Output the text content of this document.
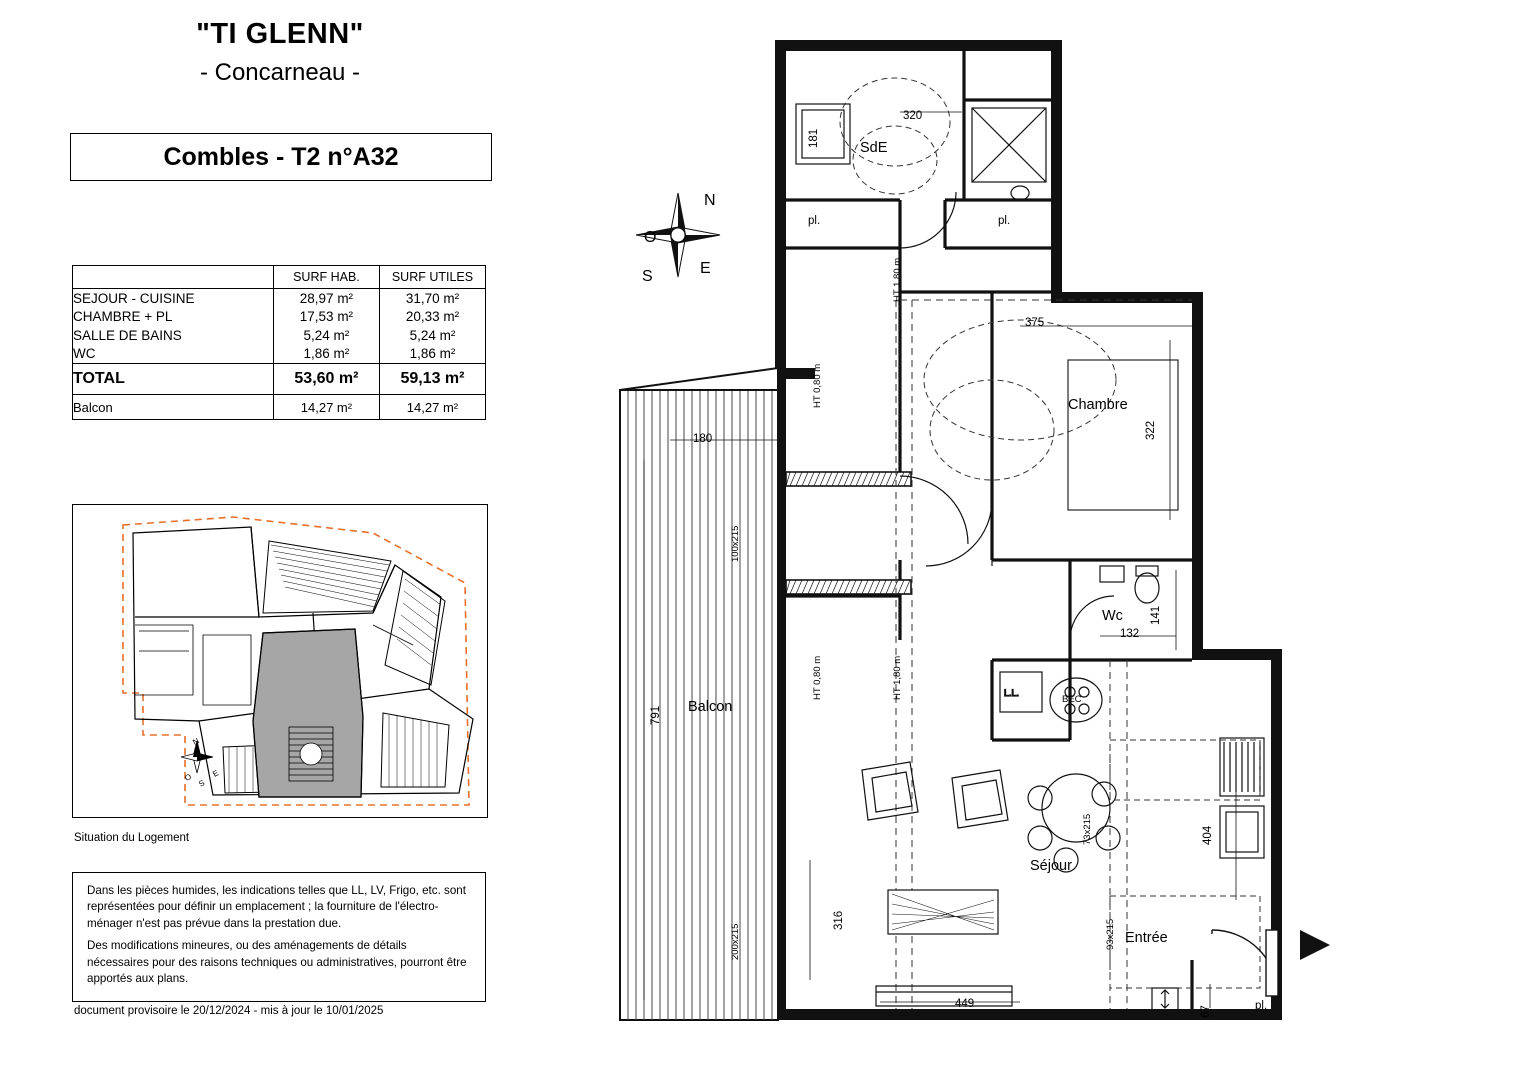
"TI GLENN"
- Concarneau -
Combles - T2 n°A32
	SURF HAB.	SURF UTILES
SEJOUR - CUISINE	28,97 m²	31,70 m²
CHAMBRE + PL	17,53 m²	20,33 m²
SALLE DE BAINS	5,24 m²	5,24 m²
WC	1,86 m²	1,86 m²
TOTAL	53,60 m²	59,13 m²
Balcon	14,27 m²	14,27 m²
N
O E
S
Situation du Logement

Dans les pièces humides, les indications telles que LL, LV, Frigo, etc. sont représentées pour définir un emplacement ; la fourniture de l'électro-ménager n'est pas prévue dans la prestation due.

Des modifications mineures, ou des aménagements de détails nécessaires pour des raisons techniques ou administratives, pourront être apportés aux plans.

document provisoire le 20/12/2024 - mis à jour le 10/01/2025
L.L.
SdE
Chambre
Wc
Séjour
Entrée
Balcon
pl.	pl.
pl.
BEC
320
181
375
322
141
132
180
791
404
316
449
67
100x215
200x215
HT 0,80 m
HT 0,80 m
HT 1,80 m
HT 1,80 m
93x215
73x215
N
O
E
S
